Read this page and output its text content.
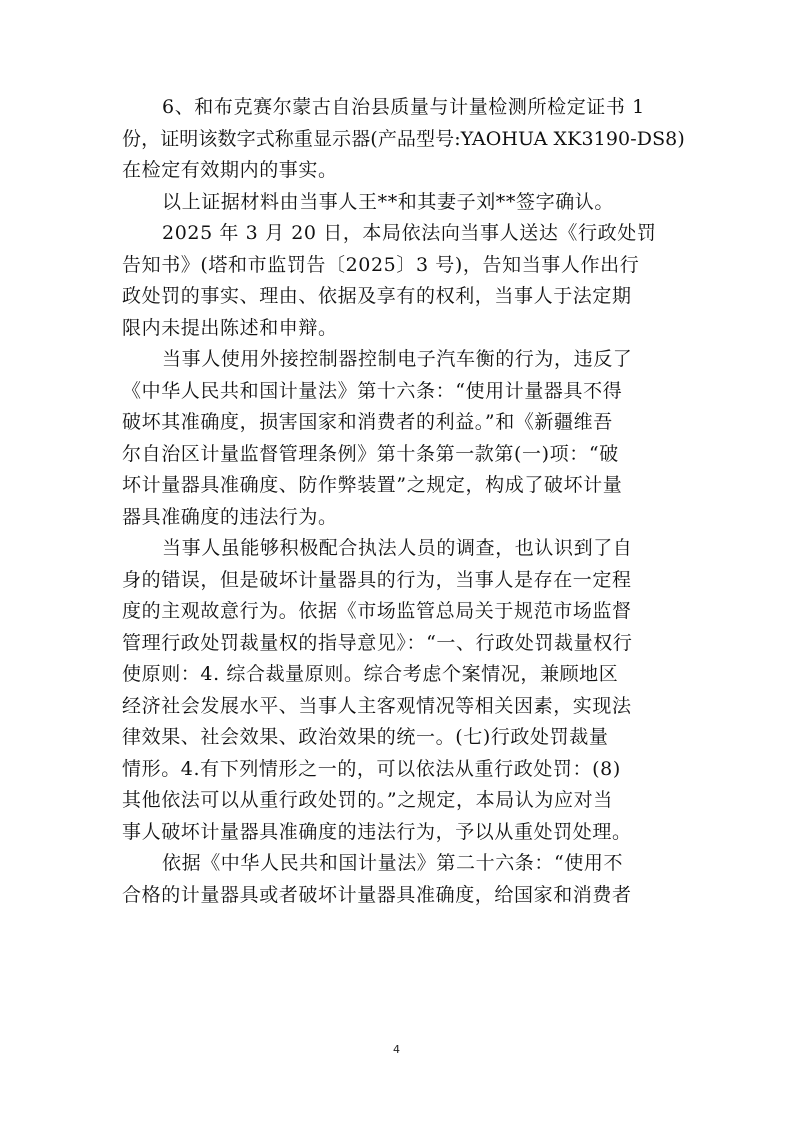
6、和布克赛尔蒙古自治县质量与计量检测所检定证书 1
份，证明该数字式称重显示器(产品型号:YAOHUA XK3190-DS8)
在检定有效期内的事实。
以上证据材料由当事人王**和其妻子刘**签字确认。
2025 年 3 月 20 日，本局依法向当事人送达《行政处罚
告知书》(塔和市监罚告〔2025〕3 号)，告知当事人作出行
政处罚的事实、理由、依据及享有的权利，当事人于法定期
限内未提出陈述和申辩。
当事人使用外接控制器控制电子汽车衡的行为，违反了
《中华人民共和国计量法》第十六条：“使用计量器具不得
破坏其准确度，损害国家和消费者的利益。”和《新疆维吾
尔自治区计量监督管理条例》第十条第一款第(一)项：“破
坏计量器具准确度、防作弊装置”之规定，构成了破坏计量
器具准确度的违法行为。
当事人虽能够积极配合执法人员的调查，也认识到了自
身的错误，但是破坏计量器具的行为，当事人是存在一定程
度的主观故意行为。依据《市场监管总局关于规范市场监督
管理行政处罚裁量权的指导意见》：“一、行政处罚裁量权行
使原则：4. 综合裁量原则。综合考虑个案情况，兼顾地区
经济社会发展水平、当事人主客观情况等相关因素，实现法
律效果、社会效果、政治效果的统一。(七)行政处罚裁量
情形。4.有下列情形之一的，可以依法从重行政处罚：(8)
其他依法可以从重行政处罚的。”之规定，本局认为应对当
事人破坏计量器具准确度的违法行为，予以从重处罚处理。
依据《中华人民共和国计量法》第二十六条：“使用不
合格的计量器具或者破坏计量器具准确度，给国家和消费者
4
